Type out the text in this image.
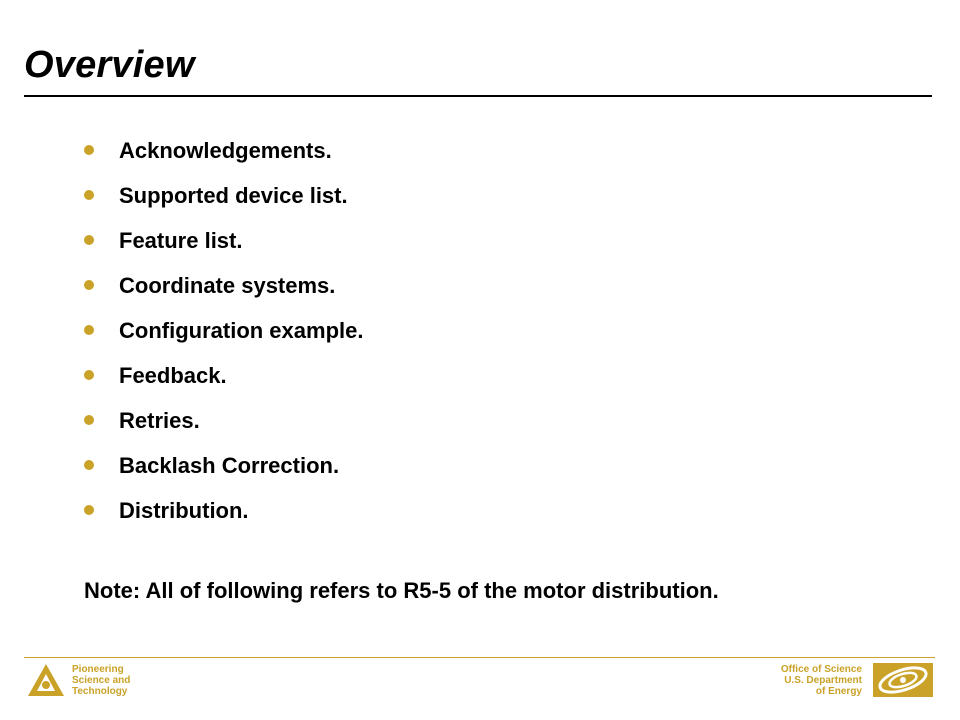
Overview
Acknowledgements.
Supported device list.
Feature list.
Coordinate systems.
Configuration example.
Feedback.
Retries.
Backlash Correction.
Distribution.
Note: All of following refers to R5-5 of the motor distribution.
Pioneering
Science and
Technology
Office of Science
U.S. Department
of Energy
